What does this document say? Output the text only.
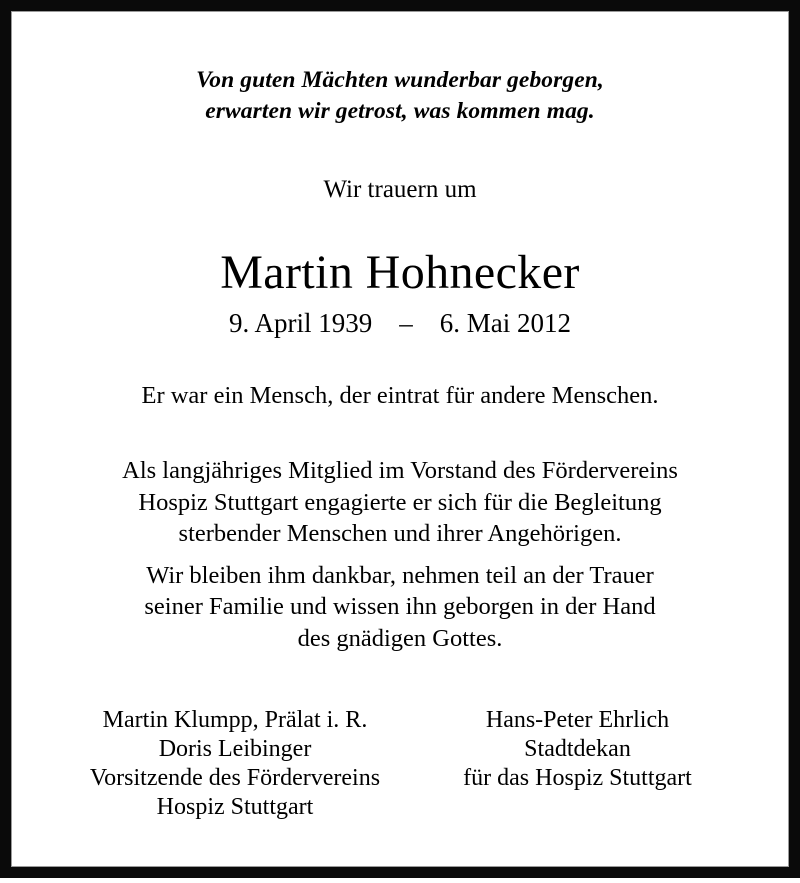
Von guten Mächten wunderbar geborgen,
erwarten wir getrost, was kommen mag.
Wir trauern um
Martin Hohnecker
9. April 1939    –    6. Mai 2012
Er war ein Mensch, der eintrat für andere Menschen.
Als langjähriges Mitglied im Vorstand des Fördervereins
Hospiz Stuttgart engagierte er sich für die Begleitung
sterbender Menschen und ihrer Angehörigen.
Wir bleiben ihm dankbar, nehmen teil an der Trauer
seiner Familie und wissen ihn geborgen in der Hand
des gnädigen Gottes.
Martin Klumpp, Prälat i. R.
Doris Leibinger
Vorsitzende des Fördervereins
Hospiz Stuttgart
Hans-Peter Ehrlich
Stadtdekan
für das Hospiz Stuttgart
